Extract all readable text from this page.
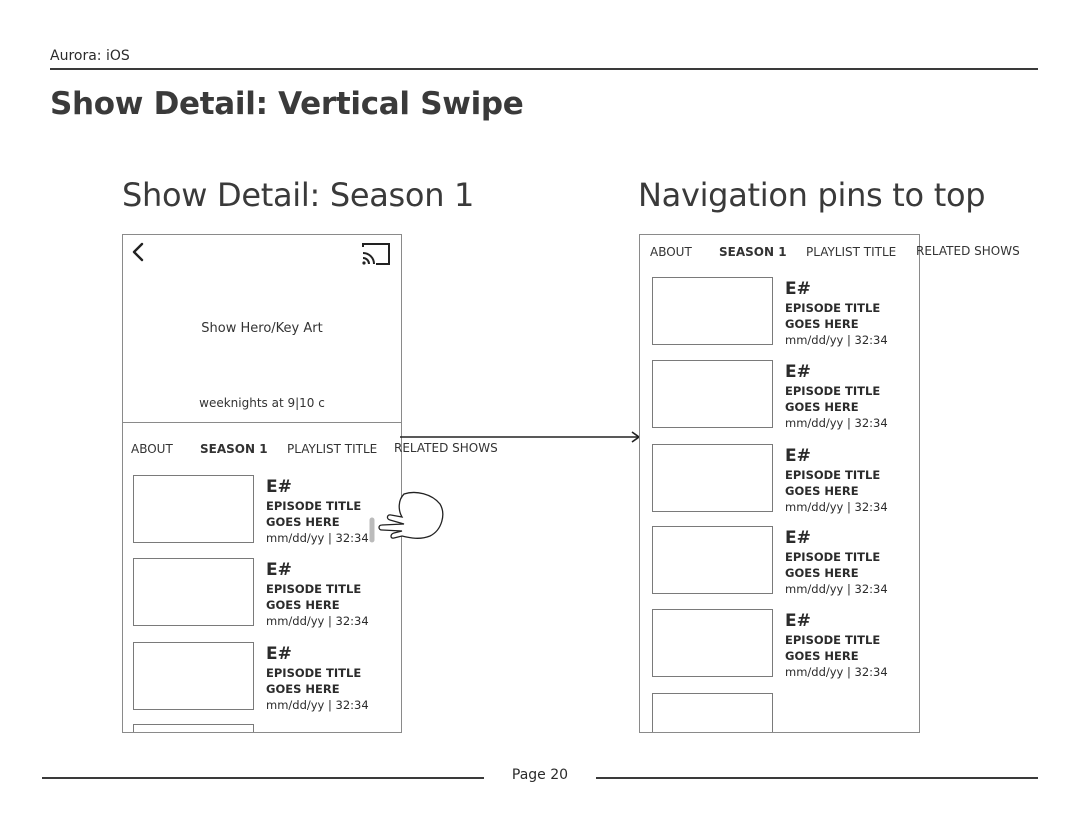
Aurora: iOS
Show Detail: Vertical Swipe
Show Detail: Season 1	Navigation pins to top
Show Hero/Key Art
weeknights at 9|10 c
ABOUT SEASON 1 PLAYLIST TITLE
E#
EPISODE TITLE
GOES HERE
mm/dd/yy | 32:34
E#
EPISODE TITLE
GOES HERE
mm/dd/yy | 32:34
E#
EPISODE TITLE
GOES HERE
mm/dd/yy | 32:34
RELATED SHOWS
ABOUT SEASON 1 PLAYLIST TITLE
E#
EPISODE TITLE
GOES HERE
mm/dd/yy | 32:34
E#
EPISODE TITLE
GOES HERE
mm/dd/yy | 32:34
E#
EPISODE TITLE
GOES HERE
mm/dd/yy | 32:34
E#
EPISODE TITLE
GOES HERE
mm/dd/yy | 32:34
E#
EPISODE TITLE
GOES HERE
mm/dd/yy | 32:34
RELATED SHOWS
Page 20
